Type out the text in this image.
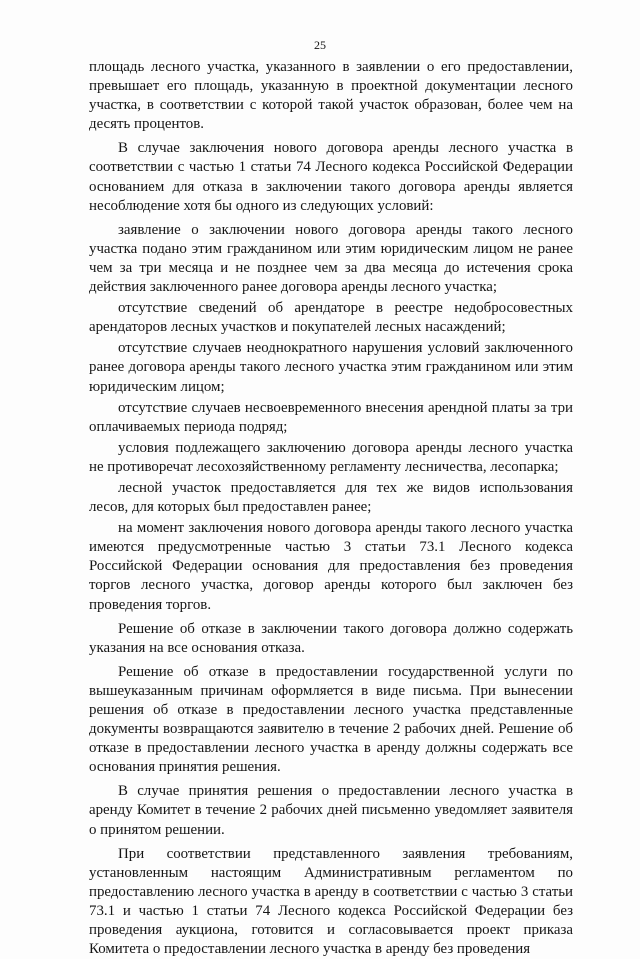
25

площадь лесного участка, указанного в заявлении о его предоставлении, превышает его площадь, указанную в проектной документации лесного участка, в соответствии с которой такой участок образован, более чем на десять процентов.

В случае заключения нового договора аренды лесного участка в соответствии с частью 1 статьи 74 Лесного кодекса Российской Федерации основанием для отказа в заключении такого договора аренды является несоблюдение хотя бы одного из следующих условий:

заявление о заключении нового договора аренды такого лесного участка подано этим гражданином или этим юридическим лицом не ранее чем за три месяца и не позднее чем за два месяца до истечения срока действия заключенного ранее договора аренды лесного участка;

отсутствие сведений об арендаторе в реестре недобросовестных арендаторов лесных участков и покупателей лесных насаждений;

отсутствие случаев неоднократного нарушения условий заключенного ранее договора аренды такого лесного участка этим гражданином или этим юридическим лицом;

отсутствие случаев несвоевременного внесения арендной платы за три оплачиваемых периода подряд;

условия подлежащего заключению договора аренды лесного участка не противоречат лесохозяйственному регламенту лесничества, лесопарка;

лесной участок предоставляется для тех же видов использования лесов, для которых был предоставлен ранее;

на момент заключения нового договора аренды такого лесного участка имеются предусмотренные частью 3 статьи 73.1 Лесного кодекса Российской Федерации основания для предоставления без проведения торгов лесного участка, договор аренды которого был заключен без проведения торгов.

Решение об отказе в заключении такого договора должно содержать указания на все основания отказа.

Решение об отказе в предоставлении государственной услуги по вышеуказанным причинам оформляется в виде письма. При вынесении решения об отказе в предоставлении лесного участка представленные документы возвращаются заявителю в течение 2 рабочих дней. Решение об отказе в предоставлении лесного участка в аренду должны содержать все основания принятия решения.

В случае принятия решения о предоставлении лесного участка в аренду Комитет в течение 2 рабочих дней письменно уведомляет заявителя о принятом решении.

При соответствии представленного заявления требованиям, установленным настоящим Административным регламентом по предоставлению лесного участка в аренду в соответствии с частью 3 статьи 73.1 и частью 1 статьи 74 Лесного кодекса Российской Федерации без проведения аукциона, готовится и согласовывается проект приказа Комитета о предоставлении лесного участка в аренду без проведения
